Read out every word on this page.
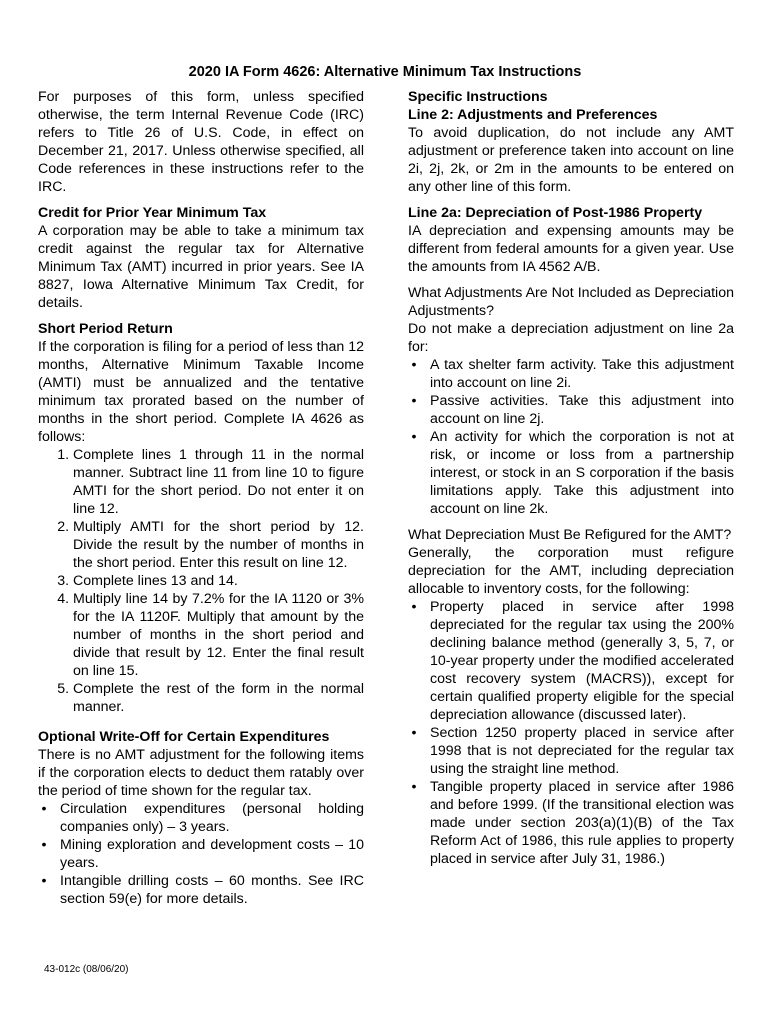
2020 IA Form 4626: Alternative Minimum Tax Instructions

For purposes of this form, unless specified otherwise, the term Internal Revenue Code (IRC) refers to Title 26 of U.S. Code, in effect on December 21, 2017. Unless otherwise specified, all Code references in these instructions refer to the IRC.

Credit for Prior Year Minimum Tax

A corporation may be able to take a minimum tax credit against the regular tax for Alternative Minimum Tax (AMT) incurred in prior years. See IA 8827, Iowa Alternative Minimum Tax Credit, for details.

Short Period Return

If the corporation is filing for a period of less than 12 months, Alternative Minimum Taxable Income (AMTI) must be annualized and the tentative minimum tax prorated based on the number of months in the short period. Complete IA 4626 as follows:

1. Complete lines 1 through 11 in the normal manner. Subtract line 11 from line 10 to figure AMTI for the short period. Do not enter it on line 12.
2. Multiply AMTI for the short period by 12. Divide the result by the number of months in the short period. Enter this result on line 12.
3. Complete lines 13 and 14.
4. Multiply line 14 by 7.2% for the IA 1120 or 3% for the IA 1120F. Multiply that amount by the number of months in the short period and divide that result by 12. Enter the final result on line 15.
5. Complete the rest of the form in the normal manner.

Optional Write-Off for Certain Expenditures

There is no AMT adjustment for the following items if the corporation elects to deduct them ratably over the period of time shown for the regular tax.

• Circulation expenditures (personal holding companies only) – 3 years.
• Mining exploration and development costs – 10 years.
• Intangible drilling costs – 60 months. See IRC section 59(e) for more details.

Specific Instructions

Line 2: Adjustments and Preferences

To avoid duplication, do not include any AMT adjustment or preference taken into account on line 2i, 2j, 2k, or 2m in the amounts to be entered on any other line of this form.

Line 2a: Depreciation of Post-1986 Property

IA depreciation and expensing amounts may be different from federal amounts for a given year. Use the amounts from IA 4562 A/B.

What Adjustments Are Not Included as Depreciation Adjustments?

Do not make a depreciation adjustment on line 2a for:

• A tax shelter farm activity. Take this adjustment into account on line 2i.
• Passive activities. Take this adjustment into account on line 2j.
• An activity for which the corporation is not at risk, or income or loss from a partnership interest, or stock in an S corporation if the basis limitations apply. Take this adjustment into account on line 2k.

What Depreciation Must Be Refigured for the AMT?

Generally, the corporation must refigure depreciation for the AMT, including depreciation allocable to inventory costs, for the following:

• Property placed in service after 1998 depreciated for the regular tax using the 200% declining balance method (generally 3, 5, 7, or 10-year property under the modified accelerated cost recovery system (MACRS)), except for certain qualified property eligible for the special depreciation allowance (discussed later).
• Section 1250 property placed in service after 1998 that is not depreciated for the regular tax using the straight line method.
• Tangible property placed in service after 1986 and before 1999. (If the transitional election was made under section 203(a)(1)(B) of the Tax Reform Act of 1986, this rule applies to property placed in service after July 31, 1986.)
43-012c (08/06/20)
